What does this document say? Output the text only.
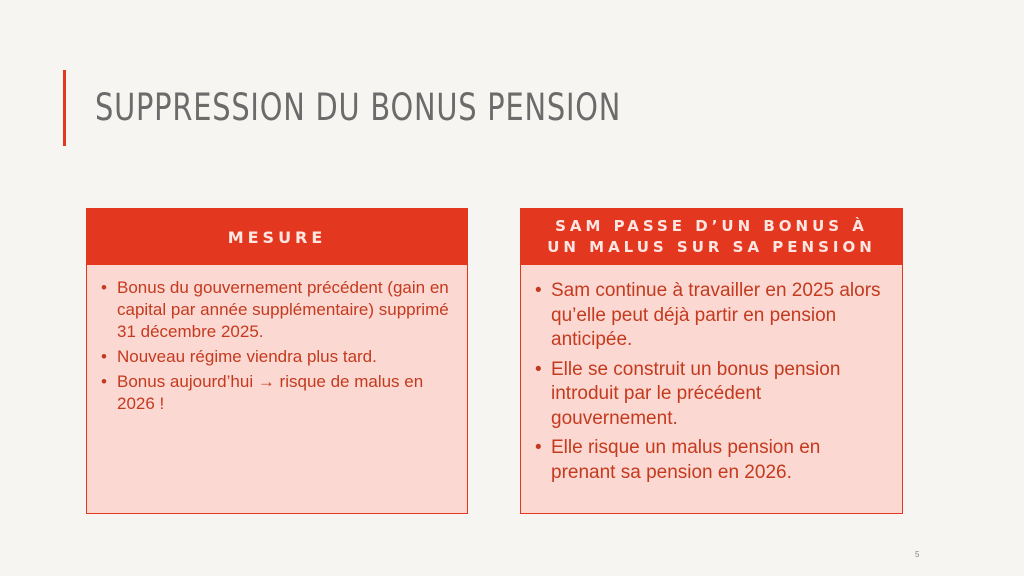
SUPPRESSION DU BONUS PENSION
MESURE
• Bonus du gouvernement précédent (gain en capital par année supplémentaire) supprimé 31 décembre 2025.
• Nouveau régime viendra plus tard.
• Bonus aujourd’hui → risque de malus en 2026 !
SAM PASSE D’UN BONUS À
UN MALUS SUR SA PENSION
• Sam continue à travailler en 2025 alors qu’elle peut déjà partir en pension anticipée.
• Elle se construit un bonus pension introduit par le précédent gouvernement.
• Elle risque un malus pension en prenant sa pension en 2026.
5
